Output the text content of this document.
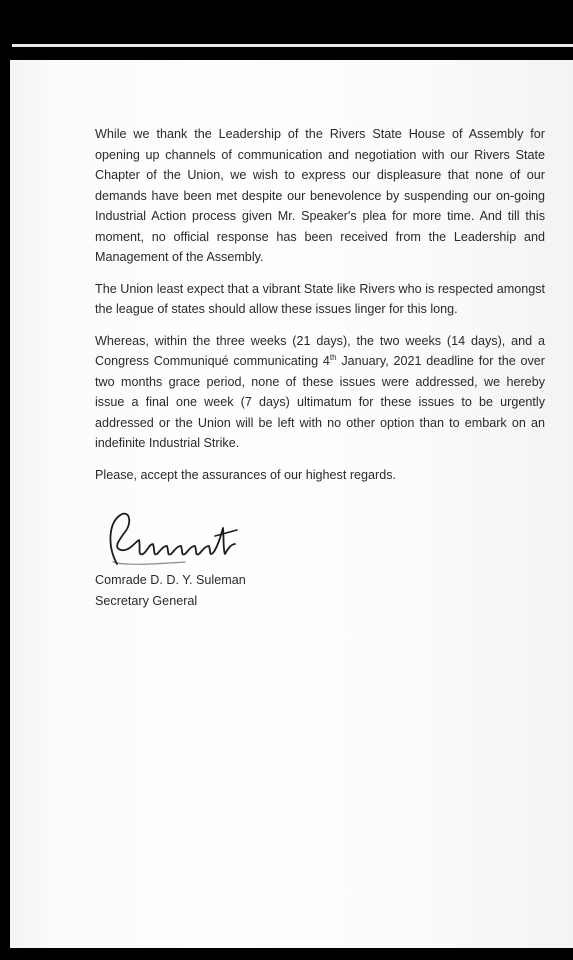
While we thank the Leadership of the Rivers State House of Assembly for opening up channels of communication and negotiation with our Rivers State Chapter of the Union, we wish to express our displeasure that none of our demands have been met despite our benevolence by suspending our on-going Industrial Action process given Mr. Speaker's plea for more time. And till this moment, no official response has been received from the Leadership and Management of the Assembly.

The Union least expect that a vibrant State like Rivers who is respected amongst the league of states should allow these issues linger for this long.

Whereas, within the three weeks (21 days), the two weeks (14 days), and a Congress Communiqué communicating 4th January, 2021 deadline for the over two months grace period, none of these issues were addressed, we hereby issue a final one week (7 days) ultimatum for these issues to be urgently addressed or the Union will be left with no other option than to embark on an indefinite Industrial Strike.

Please, accept the assurances of our highest regards.

Comrade D. D. Y. Suleman
Secretary General
